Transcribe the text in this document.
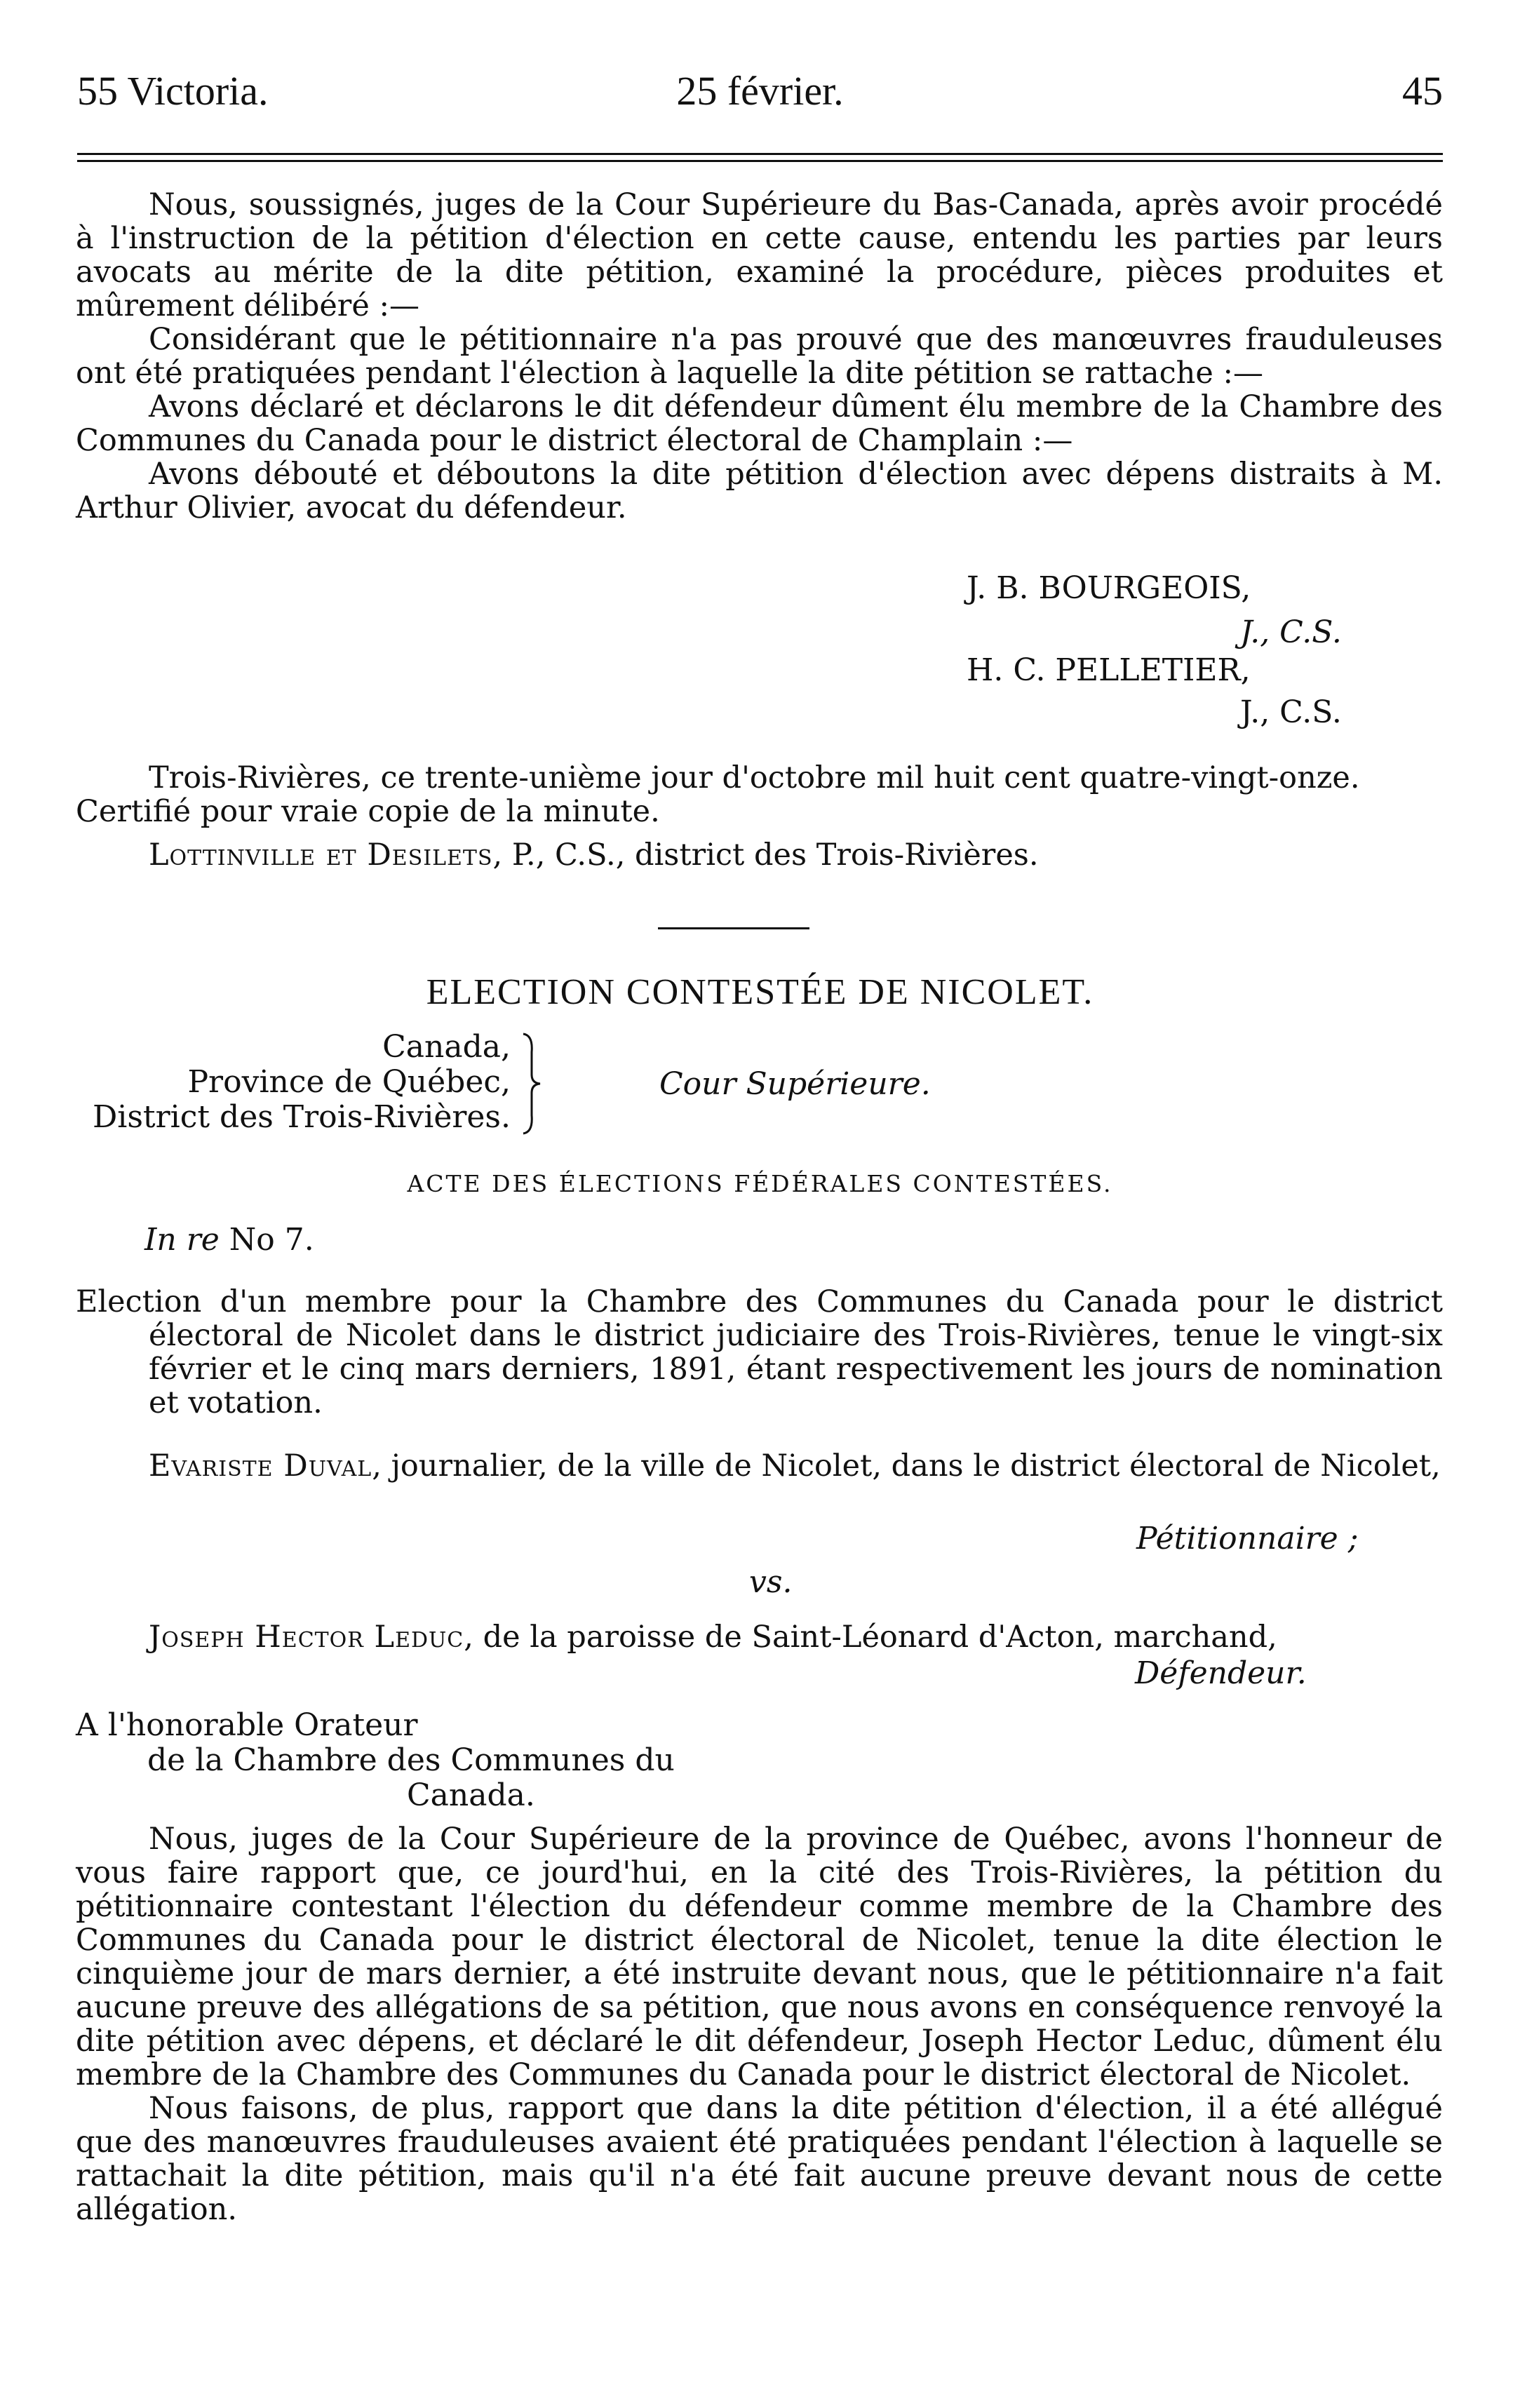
55 Victoria.	25 février.	45

Nous, soussignés, juges de la Cour Supérieure du Bas-Canada, après avoir procédé à l'instruction de la pétition d'élection en cette cause, entendu les parties par leurs avocats au mérite de la dite pétition, examiné la procédure, pièces produites et mûrement délibéré :—

Considérant que le pétitionnaire n'a pas prouvé que des manœuvres frauduleuses ont été pratiquées pendant l'élection à laquelle la dite pétition se rattache :—

Avons déclaré et déclarons le dit défendeur dûment élu membre de la Chambre des Communes du Canada pour le district électoral de Champlain :—

Avons débouté et déboutons la dite pétition d'élection avec dépens distraits à M. Arthur Olivier, avocat du défendeur.

J. B. BOURGEOIS,
J., C.S.
H. C. PELLETIER,
J., C.S.

Trois-Rivières, ce trente-unième jour d'octobre mil huit cent quatre-vingt-onze.

Certifié pour vraie copie de la minute.

Lottinville et Desilets, P., C.S., district des Trois-Rivières.

ELECTION CONTESTÉE DE NICOLET.
Canada,
Province de Québec,
District des Trois-Rivières.
Cour Supérieure.
ACTE DES ÉLECTIONS FÉDÉRALES CONTESTÉES.
In re No 7.

Election d'un membre pour la Chambre des Communes du Canada pour le district électoral de Nicolet dans le district judiciaire des Trois-Rivières, tenue le vingt-six février et le cinq mars derniers, 1891, étant respectivement les jours de nomination et votation.

Evariste Duval, journalier, de la ville de Nicolet, dans le district électoral de Nicolet,

Pétitionnaire ;
vs.

Joseph Hector Leduc, de la paroisse de Saint-Léonard d'Acton, marchand,

Défendeur.
A l'honorable Orateur
de la Chambre des Communes du
Canada.

Nous, juges de la Cour Supérieure de la province de Québec, avons l'honneur de vous faire rapport que, ce jourd'hui, en la cité des Trois-Rivières, la pétition du pétitionnaire contestant l'élection du défendeur comme membre de la Chambre des Communes du Canada pour le district électoral de Nicolet, tenue la dite élection le cinquième jour de mars dernier, a été instruite devant nous, que le pétitionnaire n'a fait aucune preuve des allégations de sa pétition, que nous avons en conséquence renvoyé la dite pétition avec dépens, et déclaré le dit défendeur, Joseph Hector Leduc, dûment élu membre de la Chambre des Communes du Canada pour le district électoral de Nicolet.

Nous faisons, de plus, rapport que dans la dite pétition d'élection, il a été allégué que des manœuvres frauduleuses avaient été pratiquées pendant l'élection à laquelle se rattachait la dite pétition, mais qu'il n'a été fait aucune preuve devant nous de cette allégation.
